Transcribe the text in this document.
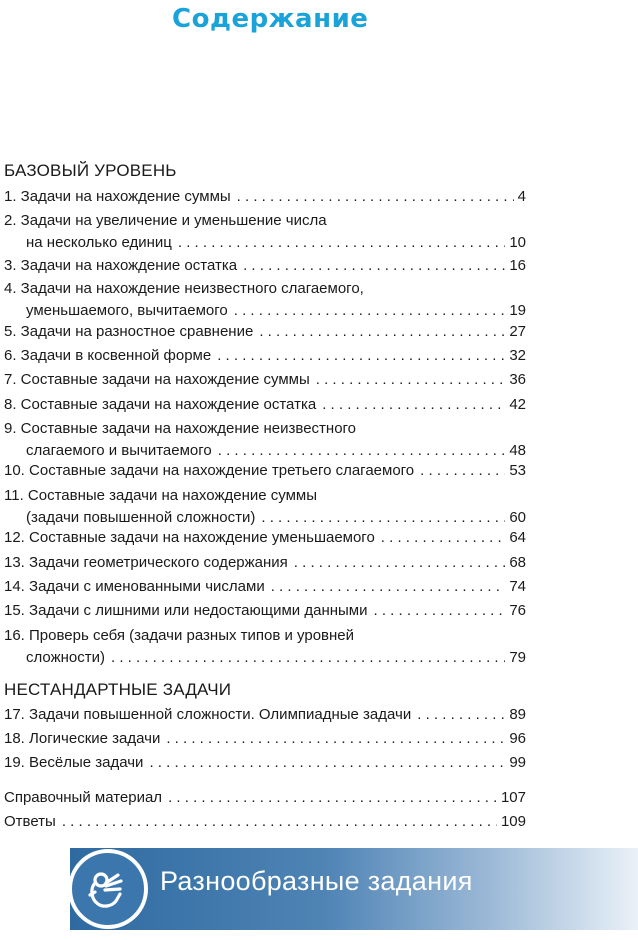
Содержание
БАЗОВЫЙ УРОВЕНЬ
1. Задачи на нахождение суммы . . .	4
2. Задачи на увеличение и уменьшение числа
на несколько единиц . . .	10
3. Задачи на нахождение остатка . . .	16
4. Задачи на нахождение неизвестного слагаемого,
уменьшаемого, вычитаемого . . .	19
5. Задачи на разностное сравнение . . .	27
6. Задачи в косвенной форме . . .	32
7. Составные задачи на нахождение суммы . . .	36
8. Составные задачи на нахождение остатка . . .	42
9. Составные задачи на нахождение неизвестного
слагаемого и вычитаемого . . .	48
10. Составные задачи на нахождение третьего слагаемого . . .	53
11. Составные задачи на нахождение суммы
(задачи повышенной сложности) . . .	60
12. Составные задачи на нахождение уменьшаемого . . .	64
13. Задачи геометрического содержания . . .	68
14. Задачи с именованными числами . . .	74
15. Задачи с лишними или недостающими данными . . .	76
16. Проверь себя (задачи разных типов и уровней
сложности) . . .	79
НЕСТАНДАРТНЫЕ ЗАДАЧИ
17. Задачи повышенной сложности. Олимпиадные задачи . . .	89
18. Логические задачи . . .	96
19. Весёлые задачи . . .	99
Справочный материал . . .	107
Ответы . . .	109
Разнообразные задания
